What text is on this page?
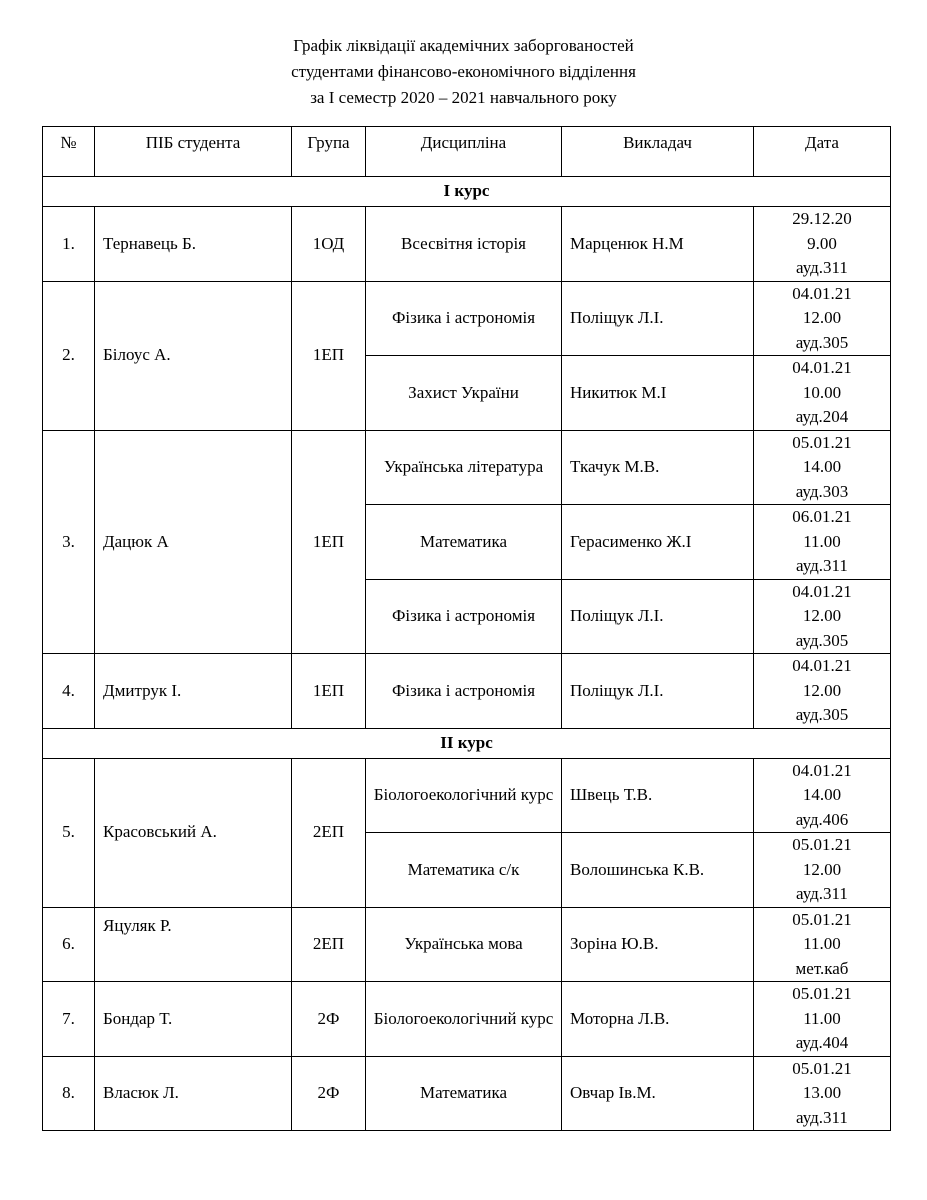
Графік ліквідації академічних заборгованостей
студентами фінансово-економічного відділення
за I семестр 2020 – 2021 навчального року
№	ПІБ студента	Група	Дисципліна	Викладач	Дата
I курс					
1.	Тернавець Б.	1ОД	Всесвітня історія	Марценюк Н.М	29.12.20
9.00
ауд.311

2.	Білоус А.	1ЕП	Фізика і астрономія	Поліщук Л.І.	04.01.21
12.00
ауд.305

			Захист України	Никитюк М.І	04.01.21
10.00
ауд.204

3.	Дацюк А	1ЕП	Українська література	Ткачук М.В.	05.01.21
14.00
ауд.303

			Математика	Герасименко Ж.І	06.01.21
11.00
ауд.311

			Фізика і астрономія	Поліщук Л.І.	04.01.21
12.00
ауд.305

4.	Дмитрук І.	1ЕП	Фізика і астрономія	Поліщук Л.І.	04.01.21
12.00
ауд.305

II курс					
5.	Красовський А.	2ЕП	Біологоекологічний курс	Швець Т.В.	04.01.21
14.00
ауд.406

			Математика с/к	Волошинська К.В.	05.01.21
12.00
ауд.311

6.	Яцуляк Р.	2ЕП	Українська мова	Зоріна Ю.В.	05.01.21
11.00
мет.каб

7.	Бондар Т.	2Ф	Біологоекологічний курс	Моторна Л.В.	05.01.21
11.00
ауд.404

8.	Власюк Л.	2Ф	Математика	Овчар Ів.М.	05.01.21
13.00
ауд.311
